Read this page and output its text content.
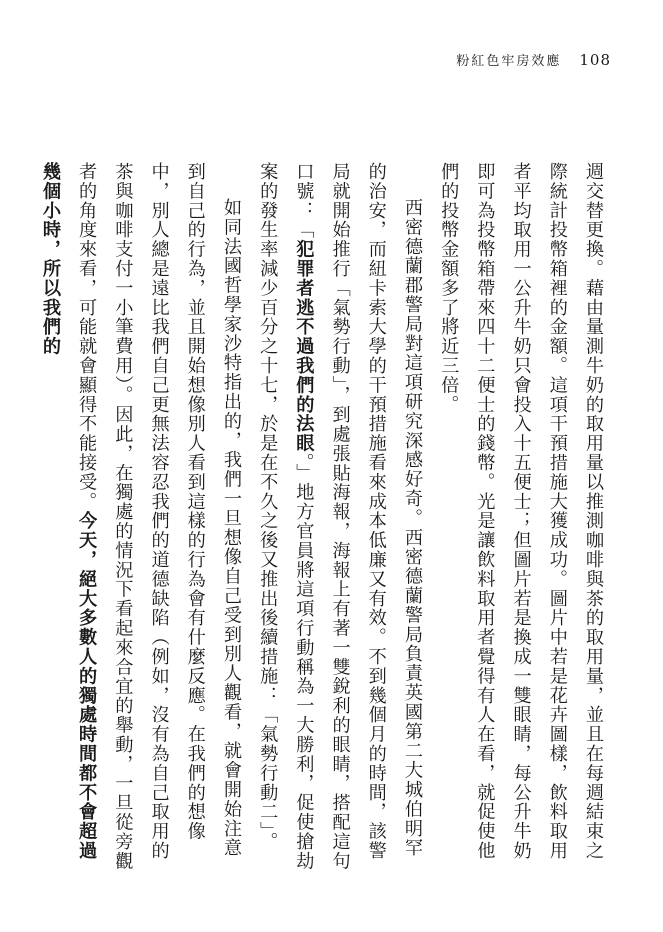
粉紅色牢房效應 108

週交替更換。藉由量測牛奶的取用量以推測咖啡與茶的取用量，並且在每週結束之際統計投幣箱裡的金額。這項干預措施大獲成功。圖片中若是花卉圖樣，飲料取用者平均取用一公升牛奶只會投入十五便士；但圖片若是換成一雙眼睛，每公升牛奶即可為投幣箱帶來四十二便士的錢幣。光是讓飲料取用者覺得有人在看，就促使他們的投幣金額多了將近三倍。

西密德蘭郡警局對這項研究深感好奇。西密德蘭警局負責英國第二大城伯明罕的治安，而紐卡索大學的干預措施看來成本低廉又有效。不到幾個月的時間，該警局就開始推行「氣勢行動」，到處張貼海報，海報上有著一雙銳利的眼睛，搭配這句口號：「犯罪者逃不過我們的法眼。」地方官員將這項行動稱為一大勝利，促使搶劫案的發生率減少百分之十七，於是在不久之後又推出後續措施：「氣勢行動二」。

如同法國哲學家沙特指出的，我們一旦想像自己受到別人觀看，就會開始注意到自己的行為，並且開始想像別人看到這樣的行為會有什麼反應。在我們的想像中，別人總是遠比我們自己更無法容忍我們的道德缺陷（例如，沒有為自己取用的茶與咖啡支付一小筆費用）。因此，在獨處的情況下看起來合宜的舉動，一旦從旁觀者的角度來看，可能就會顯得不能接受。今天，絕大多數人的獨處時間都不會超過幾個小時，所以我們的
